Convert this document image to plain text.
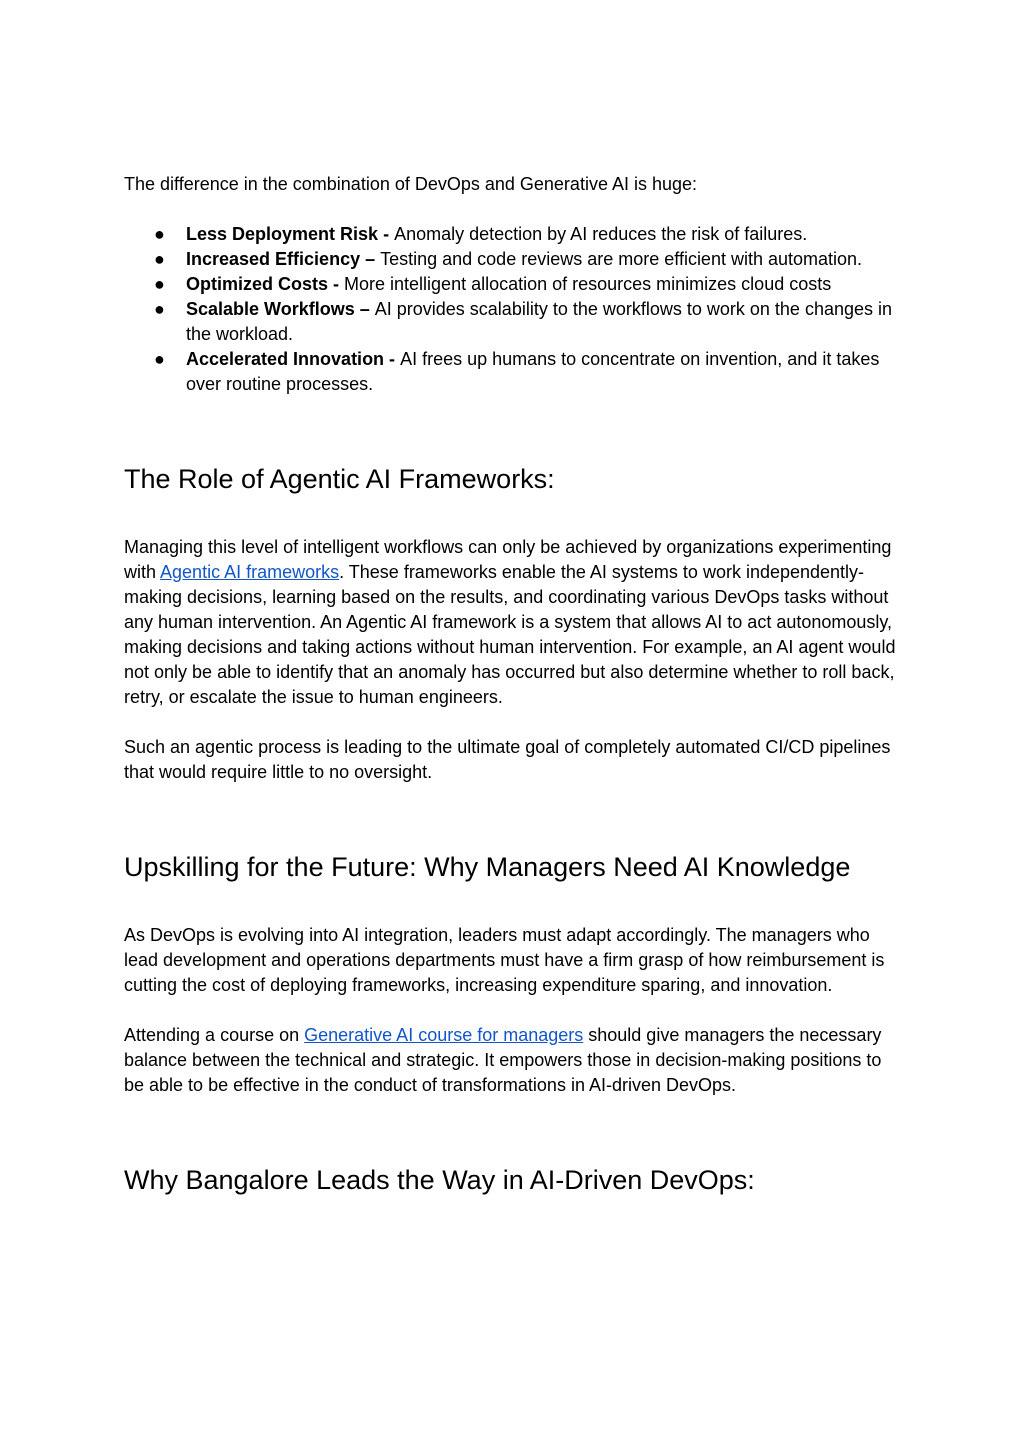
The difference in the combination of DevOps and Generative AI is huge:

● Less Deployment Risk - Anomaly detection by AI reduces the risk of failures.
● Increased Efficiency – Testing and code reviews are more efficient with automation.
● Optimized Costs - More intelligent allocation of resources minimizes cloud costs
● Scalable Workflows – AI provides scalability to the workflows to work on the changes in the workload.
● Accelerated Innovation - AI frees up humans to concentrate on invention, and it takes over routine processes.
The Role of Agentic AI Frameworks:

Managing this level of intelligent workflows can only be achieved by organizations experimenting with Agentic AI frameworks. These frameworks enable the AI systems to work independently- making decisions, learning based on the results, and coordinating various DevOps tasks without any human intervention. An Agentic AI framework is a system that allows AI to act autonomously, making decisions and taking actions without human intervention. For example, an AI agent would not only be able to identify that an anomaly has occurred but also determine whether to roll back, retry, or escalate the issue to human engineers.

Such an agentic process is leading to the ultimate goal of completely automated CI/CD pipelines that would require little to no oversight.

Upskilling for the Future: Why Managers Need AI Knowledge

As DevOps is evolving into AI integration, leaders must adapt accordingly. The managers who lead development and operations departments must have a firm grasp of how reimbursement is cutting the cost of deploying frameworks, increasing expenditure sparing, and innovation.

Attending a course on Generative AI course for managers should give managers the necessary balance between the technical and strategic. It empowers those in decision-making positions to be able to be effective in the conduct of transformations in AI-driven DevOps.

Why Bangalore Leads the Way in AI-Driven DevOps:
